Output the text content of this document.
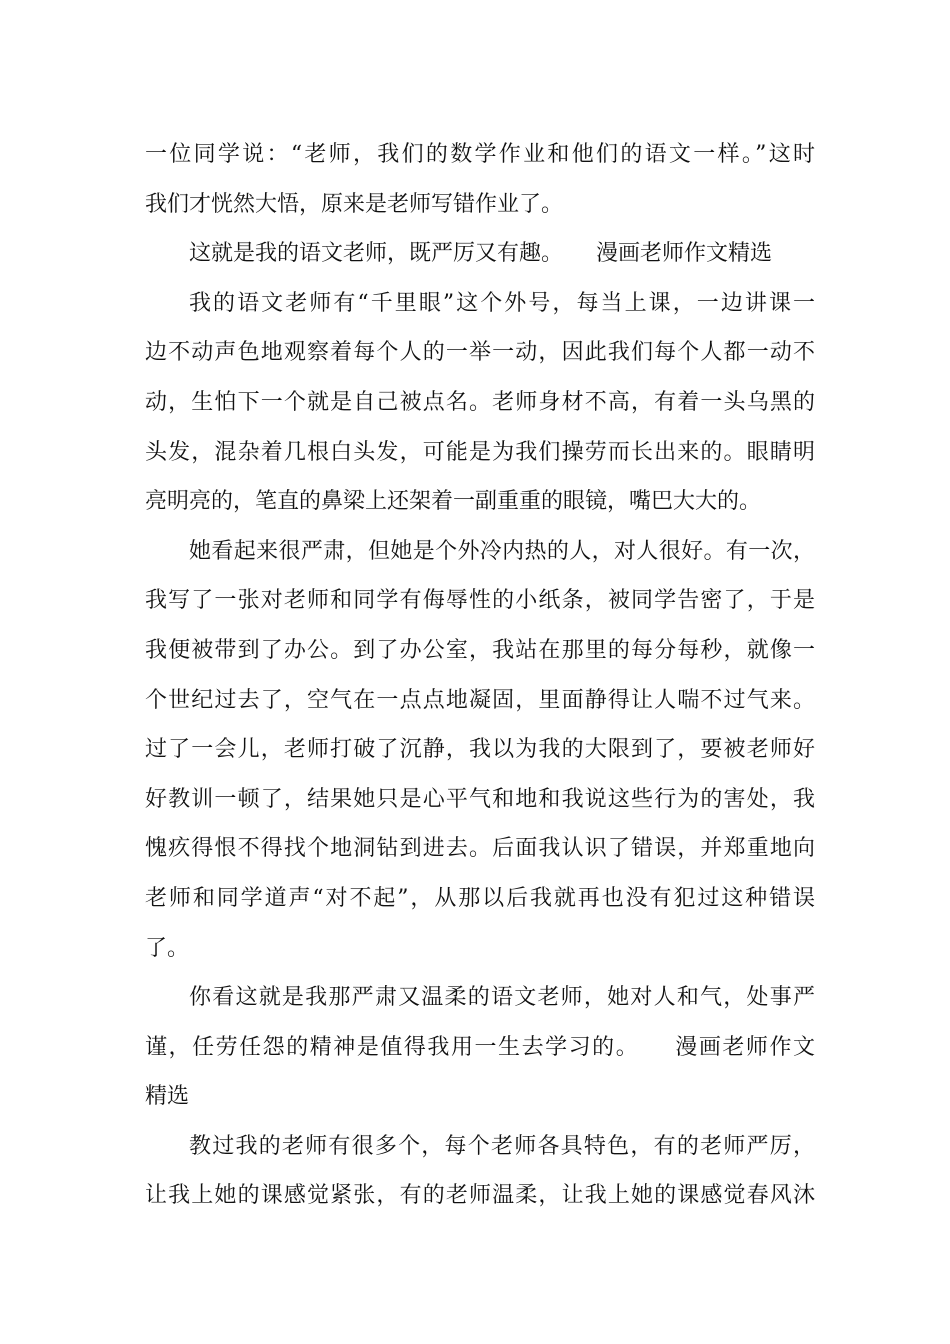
一位同学说：“老师，我们的数学作业和他们的语文一样。”这时
我们才恍然大悟，原来是老师写错作业了。
这就是我的语文老师，既严厉又有趣。　　漫画老师作文精选
我的语文老师有“千里眼”这个外号，每当上课，一边讲课一
边不动声色地观察着每个人的一举一动，因此我们每个人都一动不
动，生怕下一个就是自己被点名。老师身材不高，有着一头乌黑的
头发，混杂着几根白头发，可能是为我们操劳而长出来的。眼睛明
亮明亮的，笔直的鼻梁上还架着一副重重的眼镜，嘴巴大大的。
她看起来很严肃，但她是个外冷内热的人，对人很好。有一次，
我写了一张对老师和同学有侮辱性的小纸条，被同学告密了，于是
我便被带到了办公。到了办公室，我站在那里的每分每秒，就像一
个世纪过去了，空气在一点点地凝固，里面静得让人喘不过气来。
过了一会儿，老师打破了沉静，我以为我的大限到了，要被老师好
好教训一顿了，结果她只是心平气和地和我说这些行为的害处，我
愧疚得恨不得找个地洞钻到进去。后面我认识了错误，并郑重地向
老师和同学道声“对不起”，从那以后我就再也没有犯过这种错误
了。
你看这就是我那严肃又温柔的语文老师，她对人和气，处事严
谨，任劳任怨的精神是值得我用一生去学习的。　　漫画老师作文
精选
教过我的老师有很多个，每个老师各具特色，有的老师严厉，
让我上她的课感觉紧张，有的老师温柔，让我上她的课感觉春风沐
